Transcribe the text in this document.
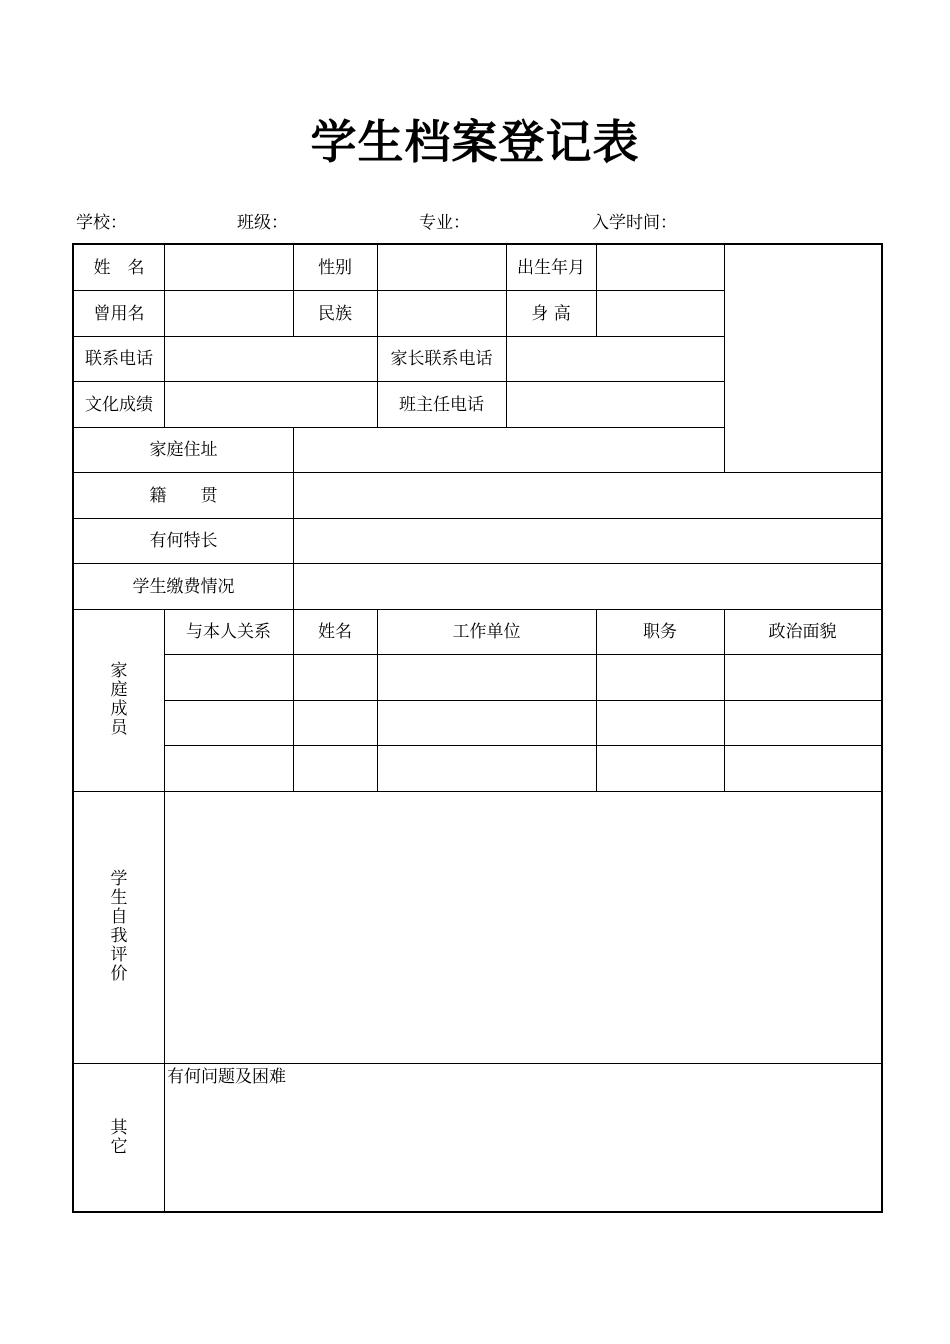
学生档案登记表
学校：	班级：	专业：	入学时间：
姓　名	性别	出生年月
曾用名	民族	身 高
联系电话	家长联系电话
文化成绩	班主任电话
家庭住址
籍　　贯
有何特长
学生缴费情况
家庭成员
与本人关系	姓名	工作单位	职务	政治面貌
学生自我评价
其它
有何问题及困难
